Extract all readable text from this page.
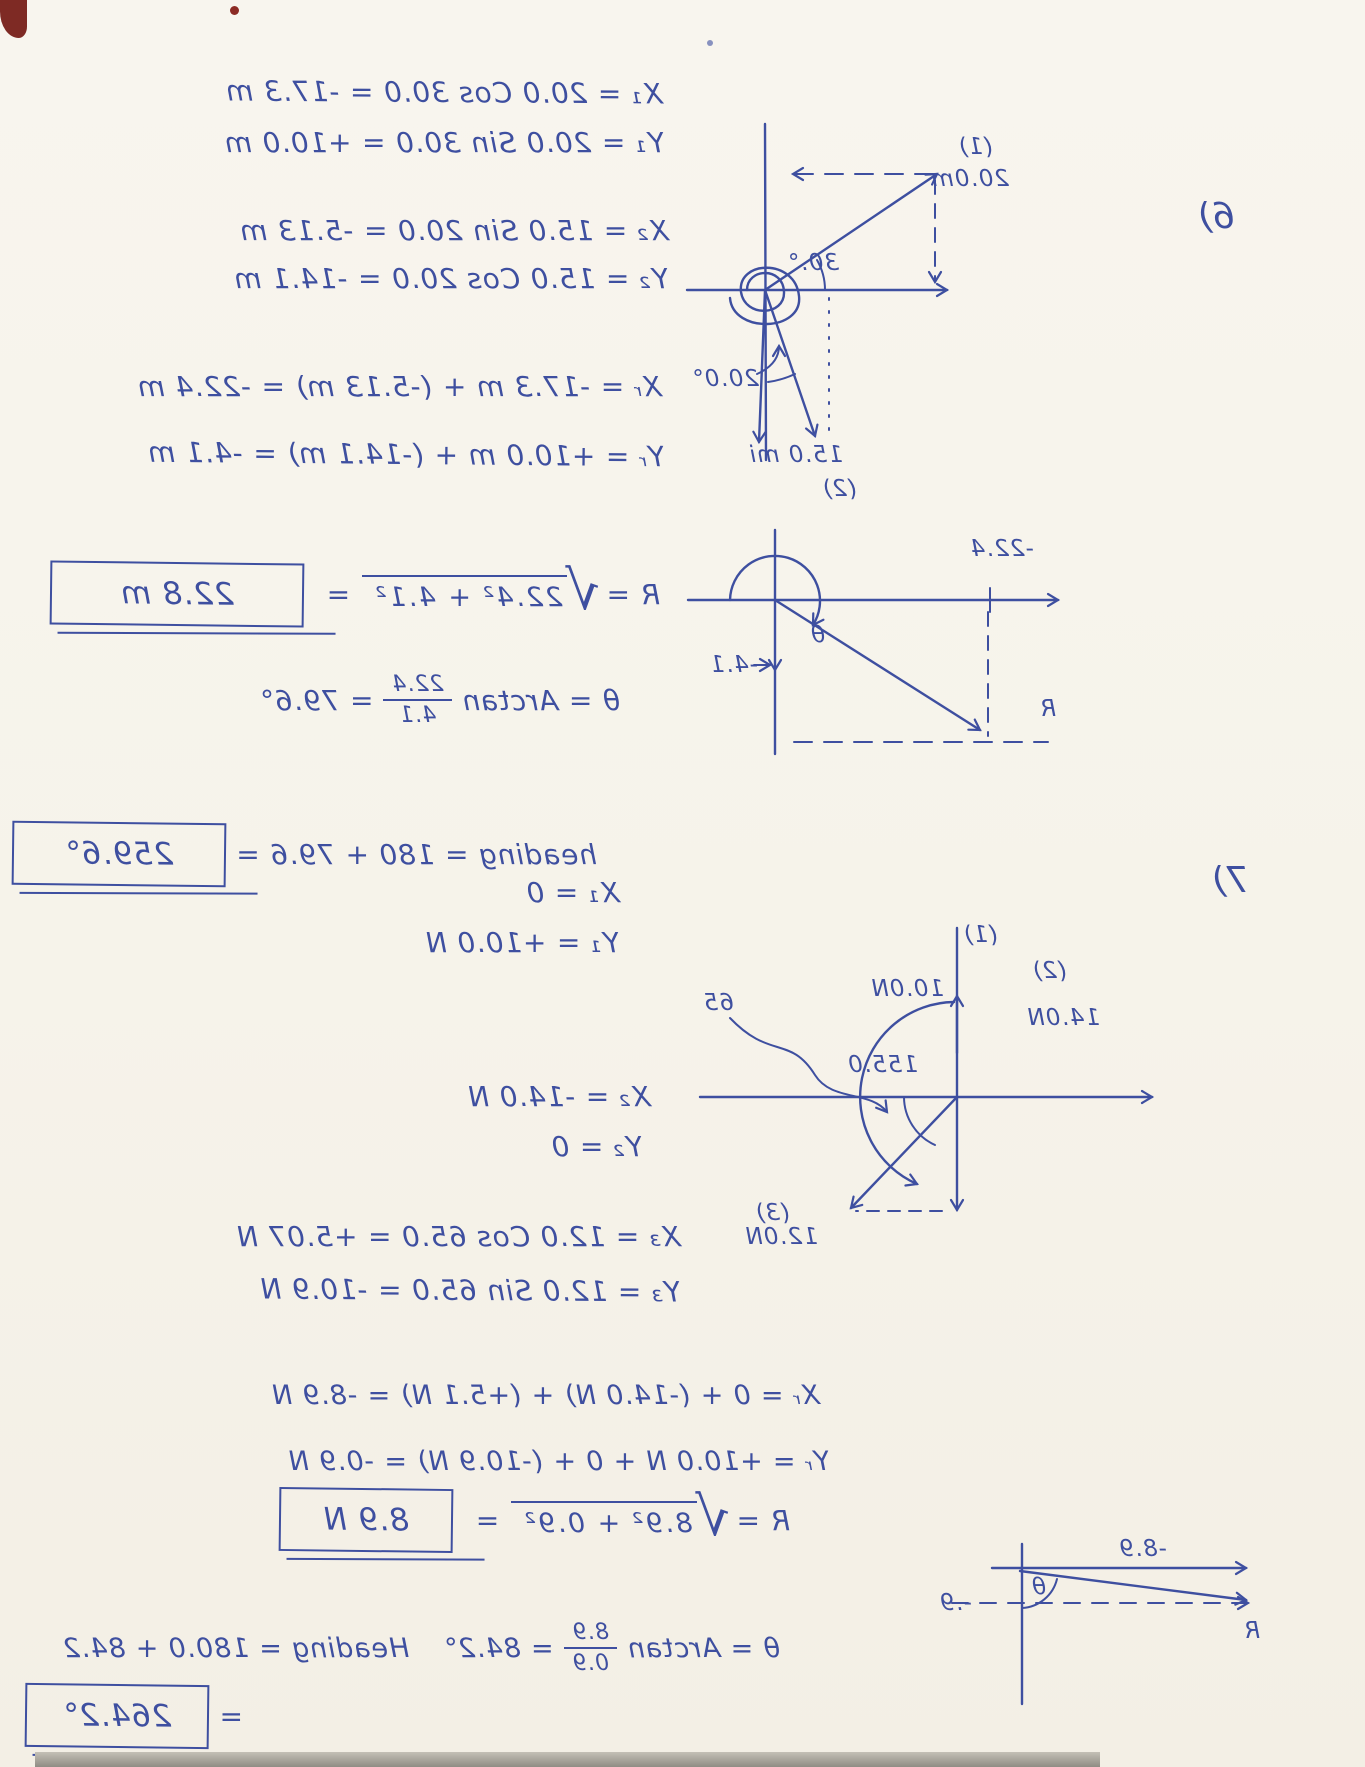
6)
X₁ = 20.0 Cos 30.0 = -17.3 m
Y₁ = 20.0 Sin 30.0 = +10.0 m
X₂ = 15.0 Sin 20.0 = -5.13 m
Y₂ = 15.0 Cos 20.0 = -14.1 m
Xᵣ = -17.3 m + (-5.13 m) = -22.4 m
Yᵣ = +10.0 m + (-14.1 m) = -4.1 m
(1)
20.0m
30.°
20.0°
15.0 mi
(2)
-22.4
-4.1
θ
R
R =
√
22.4² + 4.1²
=
22.8 m
θ = Arctan
$\frac{22.4}{4.1}$
= 79.6°
heading = 180 + 79.6 =
259.6°
7)
X₁ = 0
Y₁ = +10.0 N
X₂ = -14.0 N
Y₂ = 0
X₃ = 12.0 Cos 65.0 = +5.07 N
Y₃ = 12.0 Sin 65.0 = -10.9 N
Xᵣ = 0 + (-14.0 N) + (+5.1 N) = -8.9 N
Yᵣ = +10.0 N + 0 + (-10.9 N) = -0.9 N
(1)
10.0N
155.0
65
(2)
14.0N
(3)
12.0N
R =
√
8.9² + 0.9²
=
8.9 N
θ = Arctan
$\frac{8.9}{0.9}$
= 84.2°
Heading = 180.0 + 84.2
=
264.2°
-8.9
-.9
θ
R
